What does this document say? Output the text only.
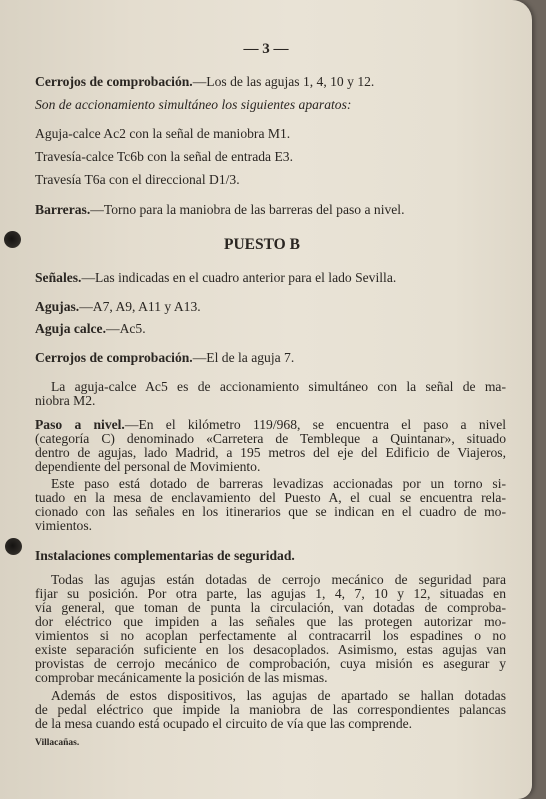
— 3 —
Cerrojos de comprobación.—Los de las agujas 1, 4, 10 y 12.
Son de accionamiento simultáneo los siguientes aparatos:
Aguja-calce Ac2 con la señal de maniobra M1.
Travesía-calce Tc6b con la señal de entrada E3.
Travesía T6a con el direccional D1/3.
Barreras.—Torno para la maniobra de las barreras del paso a nivel.
PUESTO B
Señales.—Las indicadas en el cuadro anterior para el lado Sevilla.
Agujas.—A7, A9, A11 y A13.
Aguja calce.—Ac5.
Cerrojos de comprobación.—El de la aguja 7.
La aguja-calce Ac5 es de accionamiento simultáneo con la señal de ma-
niobra M2.
Paso a nivel.—En el kilómetro 119/968, se encuentra el paso a nivel
(categoría C) denominado «Carretera de Tembleque a Quintanar», situado
dentro de agujas, lado Madrid, a 195 metros del eje del Edificio de Viajeros,
dependiente del personal de Movimiento.
Este paso está dotado de barreras levadizas accionadas por un torno si-
tuado en la mesa de enclavamiento del Puesto A, el cual se encuentra rela-
cionado con las señales en los itinerarios que se indican en el cuadro de mo-
vimientos.
Instalaciones complementarias de seguridad.
Todas las agujas están dotadas de cerrojo mecánico de seguridad para
fijar su posición. Por otra parte, las agujas 1, 4, 7, 10 y 12, situadas en
vía general, que toman de punta la circulación, van dotadas de comproba-
dor eléctrico que impiden a las señales que las protegen autorizar mo-
vimientos si no acoplan perfectamente al contracarril los espadines o no
existe separación suficiente en los desacoplados. Asimismo, estas agujas van
provistas de cerrojo mecánico de comprobación, cuya misión es asegurar y
comprobar mecánicamente la posición de las mismas.
Además de estos dispositivos, las agujas de apartado se hallan dotadas
de pedal eléctrico que impide la maniobra de las correspondientes palancas
de la mesa cuando está ocupado el circuito de vía que las comprende.
Villacañas.
